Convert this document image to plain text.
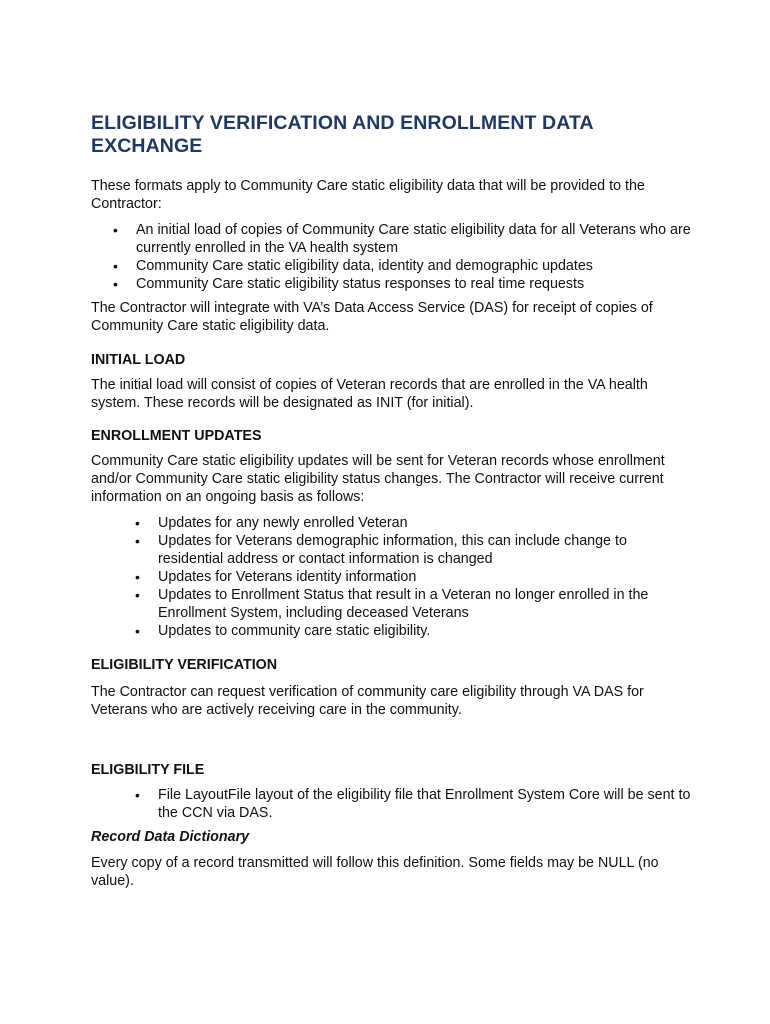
ELIGIBILITY VERIFICATION AND ENROLLMENT DATA EXCHANGE

These formats apply to Community Care static eligibility data that will be provided to the Contractor:

• An initial load of copies of Community Care static eligibility data for all Veterans who are currently enrolled in the VA health system
• Community Care static eligibility data, identity and demographic updates
• Community Care static eligibility status responses to real time requests

The Contractor will integrate with VA’s Data Access Service (DAS) for receipt of copies of Community Care static eligibility data.

INITIAL LOAD

The initial load will consist of copies of Veteran records that are enrolled in the VA health system. These records will be designated as INIT (for initial).

ENROLLMENT UPDATES

Community Care static eligibility updates will be sent for Veteran records whose enrollment and/or Community Care static eligibility status changes. The Contractor will receive current information on an ongoing basis as follows:

• Updates for any newly enrolled Veteran
• Updates for Veterans demographic information, this can include change to residential address or contact information is changed
• Updates for Veterans identity information
• Updates to Enrollment Status that result in a Veteran no longer enrolled in the Enrollment System, including deceased Veterans
• Updates to community care static eligibility.
ELIGIBILITY VERIFICATION

The Contractor can request verification of community care eligibility through VA DAS for Veterans who are actively receiving care in the community.

ELIGBILITY FILE
• File LayoutFile layout of the eligibility file that Enrollment System Core will be sent to the CCN via DAS.
Record Data Dictionary

Every copy of a record transmitted will follow this definition. Some fields may be NULL (no value).
